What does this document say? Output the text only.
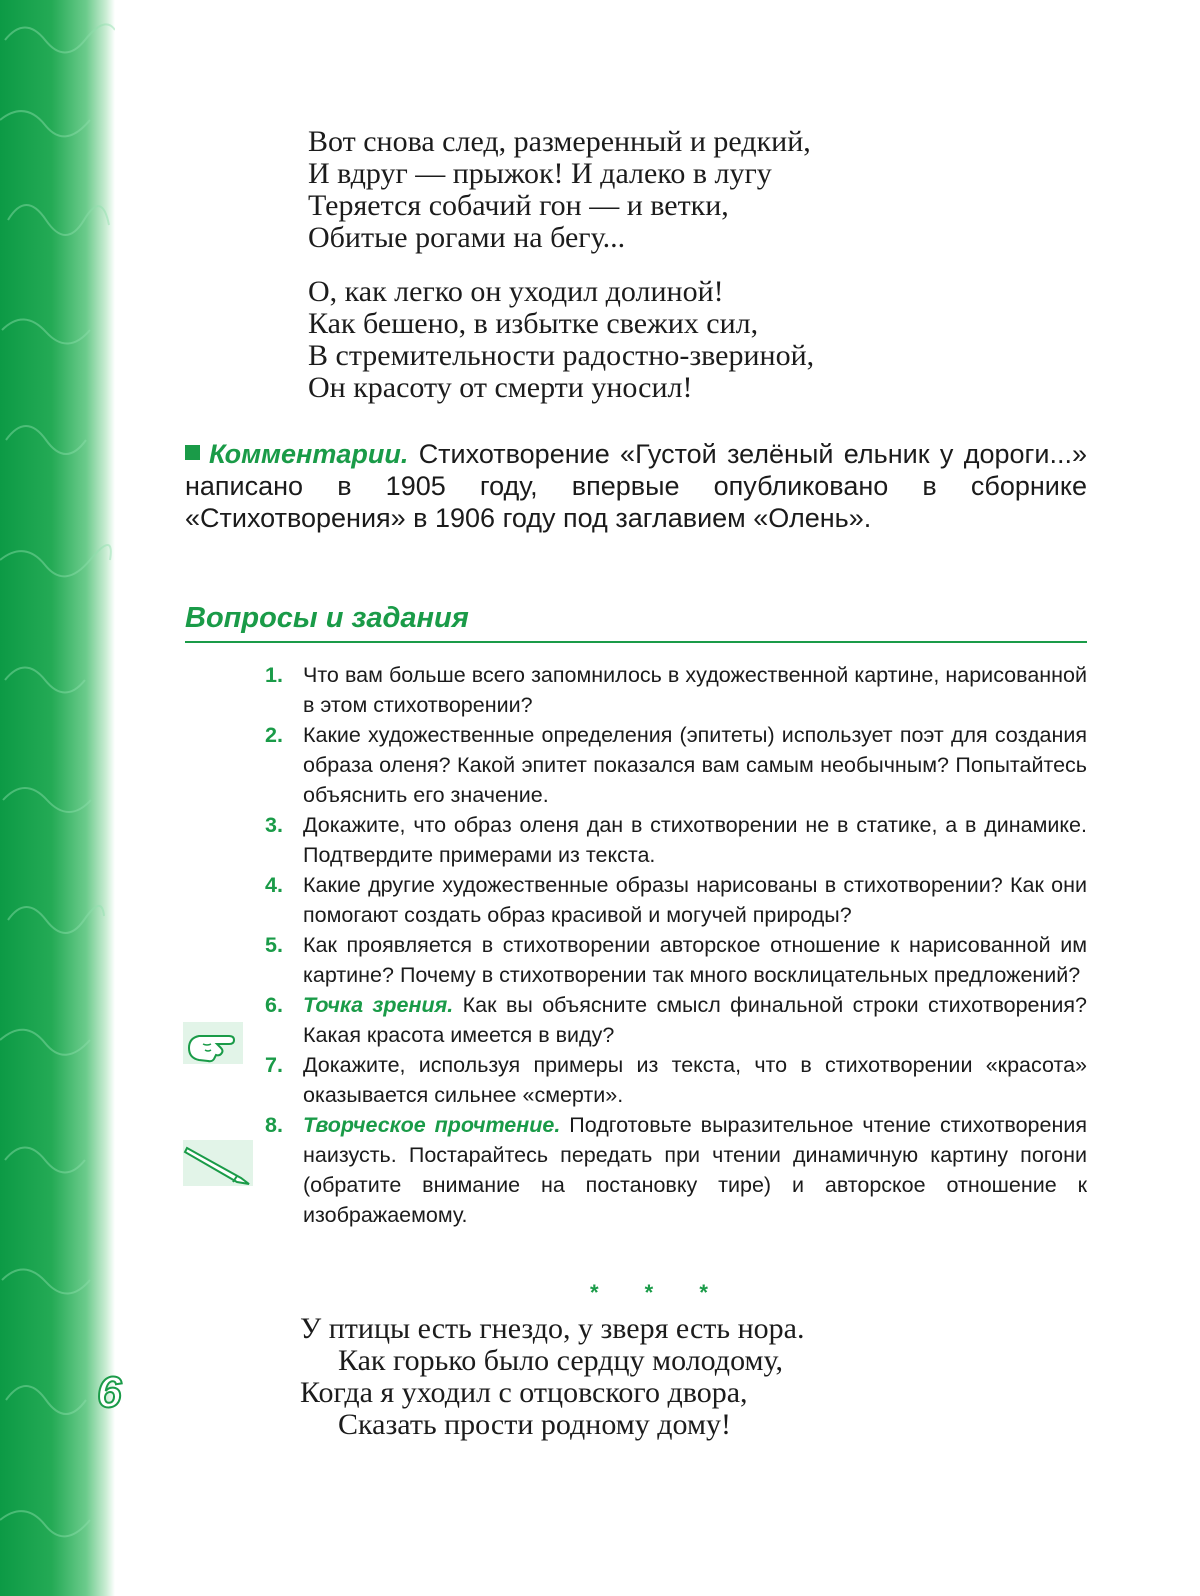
Вот снова след, размеренный и редкий,
И вдруг — прыжок! И далеко в лугу
Теряется собачий гон — и ветки,
Обитые рогами на бегу...
О, как легко он уходил долиной!
Как бешено, в избытке свежих сил,
В стремительности радостно-звериной,
Он красоту от смерти уносил!
Комментарии. Стихотворение «Густой зелёный ельник у дороги...» написано в 1905 году, впервые опубликовано в сборнике «Стихотворения» в 1906 году под заглавием «Олень».
Вопросы и задания
1. Что вам больше всего запомнилось в художественной картине, нарисованной в этом стихотворении?
2. Какие художественные определения (эпитеты) использует поэт для создания образа оленя? Какой эпитет показался вам самым необычным? Попытайтесь объяснить его значение.
3. Докажите, что образ оленя дан в стихотворении не в статике, а в динамике. Подтвердите примерами из текста.
4. Какие другие художественные образы нарисованы в стихотворении? Как они помогают создать образ красивой и могучей природы?
5. Как проявляется в стихотворении авторское отношение к нарисованной им картине? Почему в стихотворении так много восклицательных предложений?
6. Точка зрения. Как вы объясните смысл финальной строки стихотворения? Какая красота имеется в виду?
7. Докажите, используя примеры из текста, что в стихотворении «красота» оказывается сильнее «смерти».
8. Творческое прочтение. Подготовьте выразительное чтение стихотворения наизусть. Постарайтесь передать при чтении динамичную картину погони (обратите внимание на постановку тире) и авторское отношение к изображаемому.
* * *
У птицы есть гнездо, у зверя есть нора.
Как горько было сердцу молодому,
Когда я уходил с отцовского двора,
Сказать прости родному дому!
6
